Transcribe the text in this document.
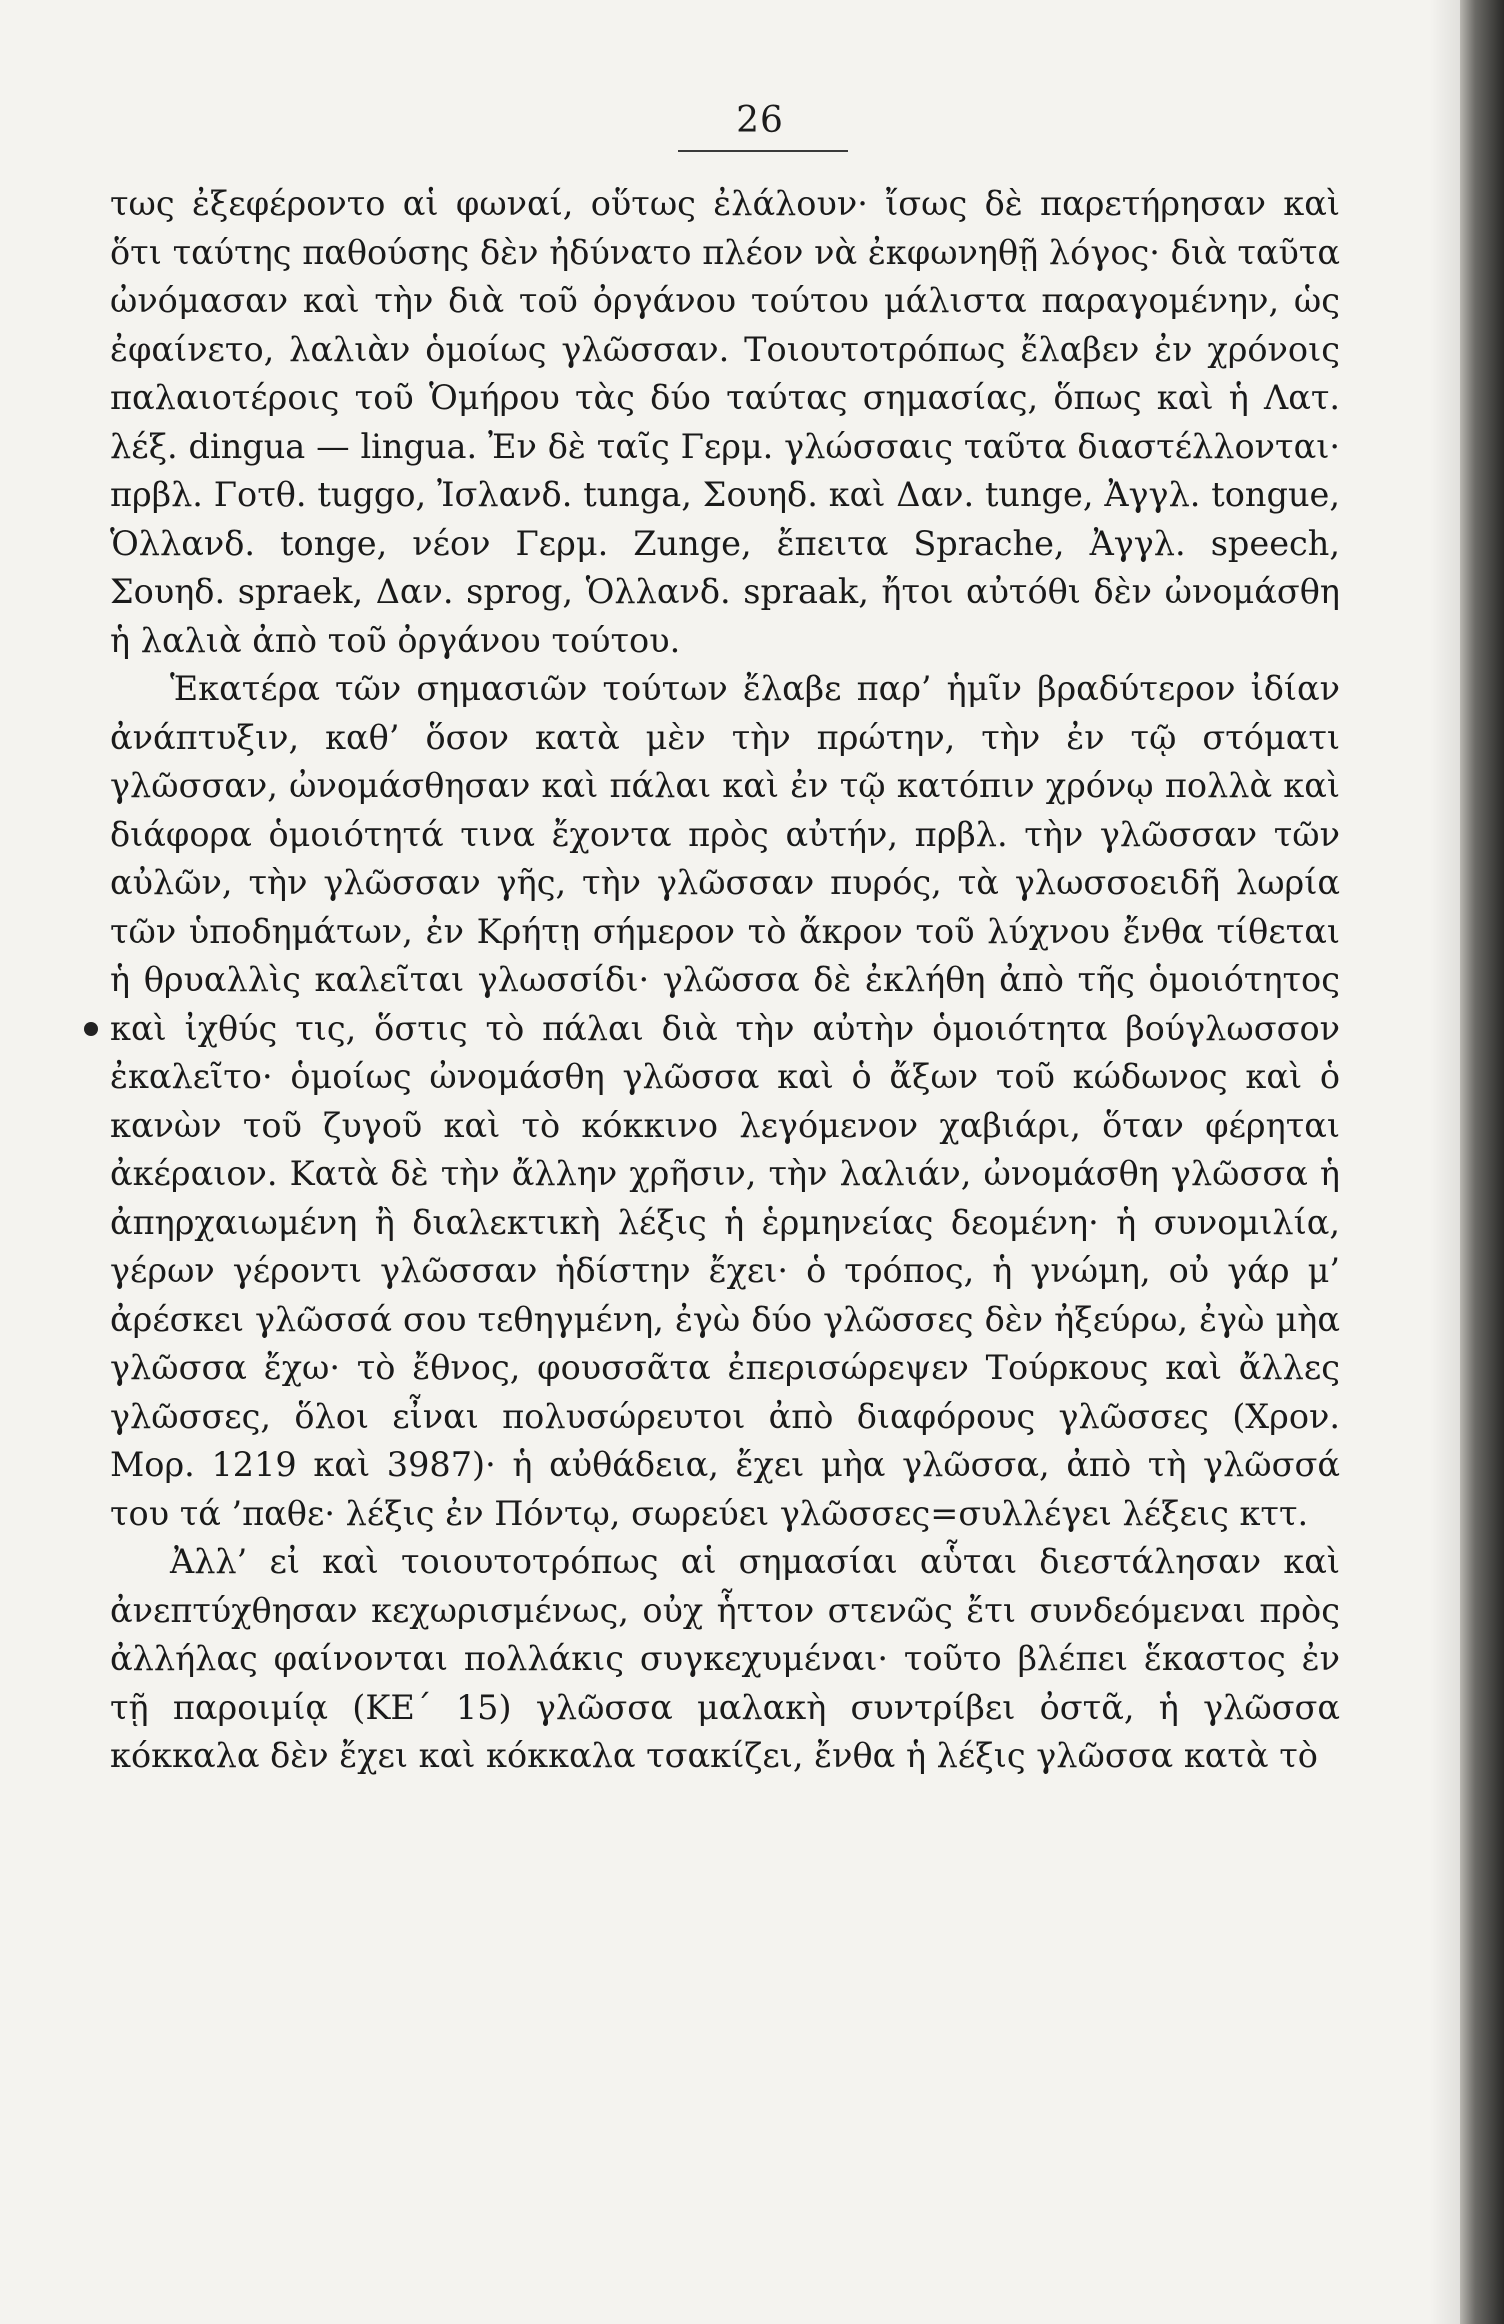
26

τως ἐξεφέροντο αἱ φωναί, οὕτως ἐλάλουν· ἴσως δὲ παρετήρησαν καὶ ὅτι ταύτης παθούσης δὲν ἠδύνατο πλέον νὰ ἐκφωνηθῇ λόγος· διὰ ταῦτα ὠνόμασαν καὶ τὴν διὰ τοῦ ὀργάνου τούτου μάλιστα παραγομένην, ὡς ἐφαίνετο, λαλιὰν ὁμοίως γλῶσσαν. Τοιουτοτρόπως ἔλαβεν ἐν χρόνοις παλαιοτέροις τοῦ Ὁμήρου τὰς δύο ταύτας σημασίας, ὅπως καὶ ἡ Λατ. λέξ. dingua — lingua. Ἐν δὲ ταῖς Γερμ. γλώσσαις ταῦτα διαστέλλονται· πρβλ. Γοτθ. tuggo, Ἰσλανδ. tunga, Σουηδ. καὶ Δαν. tunge, Ἀγγλ. tongue, Ὁλλανδ. tonge, νέον Γερμ. Zunge, ἔπειτα Sprache, Ἀγγλ. speech, Σουηδ. spraek, Δαν. sprog, Ὁλλανδ. spraak, ἤτοι αὐτόθι δὲν ὠνομάσθη ἡ λαλιὰ ἀπὸ τοῦ ὀργάνου τούτου.

Ἑκατέρα τῶν σημασιῶν τούτων ἔλαβε παρ’ ἡμῖν βραδύτερον ἰδίαν ἀνάπτυξιν, καθ’ ὅσον κατὰ μὲν τὴν πρώτην, τὴν ἐν τῷ στόματι γλῶσσαν, ὠνομάσθησαν καὶ πάλαι καὶ ἐν τῷ κατόπιν χρόνῳ πολλὰ καὶ διάφορα ὁμοιότητά τινα ἔχοντα πρὸς αὐτήν, πρβλ. τὴν γλῶσσαν τῶν αὐλῶν, τὴν γλῶσσαν γῆς, τὴν γλῶσσαν πυρός, τὰ γλωσσοειδῆ λωρία τῶν ὑποδημάτων, ἐν Κρήτῃ σήμερον τὸ ἄκρον τοῦ λύχνου ἔνθα τίθεται ἡ θρυαλλὶς καλεῖται γλωσσίδι· γλῶσσα δὲ ἐκλήθη ἀπὸ τῆς ὁμοιότητος καὶ ἰχθύς τις, ὅστις τὸ πάλαι διὰ τὴν αὐτὴν ὁμοιότητα βούγλωσσον ἐκαλεῖτο· ὁμοίως ὠνομάσθη γλῶσσα καὶ ὁ ἄξων τοῦ κώδωνος καὶ ὁ κανὼν τοῦ ζυγοῦ καὶ τὸ κόκκινο λεγόμενον χαβιάρι, ὅταν φέρηται ἀκέραιον. Κατὰ δὲ τὴν ἄλλην χρῆσιν, τὴν λαλιάν, ὠνομάσθη γλῶσσα ἡ ἀπηρχαιωμένη ἢ διαλεκτικὴ λέξις ἡ ἑρμηνείας δεομένη· ἡ συνομιλία, γέρων γέροντι γλῶσσαν ἡδίστην ἔχει· ὁ τρόπος, ἡ γνώμη, οὐ γάρ μ’ ἀρέσκει γλῶσσά σου τεθηγμένη, ἐγὼ δύο γλῶσσες δὲν ἠξεύρω, ἐγὼ μὴα γλῶσσα ἔχω· τὸ ἔθνος, φουσσᾶτα ἐπερισώρεψεν Τούρκους καὶ ἄλλες γλῶσσες, ὅλοι εἶναι πολυσώρευτοι ἀπὸ διαφόρους γλῶσσες (Χρον. Μορ. 1219 καὶ 3987)· ἡ αὐθάδεια, ἔχει μὴα γλῶσσα, ἀπὸ τὴ γλῶσσά του τά ’παθε· λέξις ἐν Πόντῳ, σωρεύει γλῶσσες=συλλέγει λέξεις κττ.

Ἀλλ’ εἰ καὶ τοιουτοτρόπως αἱ σημασίαι αὗται διεστάλησαν καὶ ἀνεπτύχθησαν κεχωρισμένως, οὐχ ἧττον στενῶς ἔτι συνδεόμεναι πρὸς ἀλλήλας φαίνονται πολλάκις συγκεχυμέναι· τοῦτο βλέπει ἕκαστος ἐν τῇ παροιμίᾳ (ΚΕ΄ 15) γλῶσσα μαλακὴ συντρίβει ὀστᾶ, ἡ γλῶσσα κόκκαλα δὲν ἔχει καὶ κόκκαλα τσακίζει, ἔνθα ἡ λέξις γλῶσσα κατὰ τὸ
